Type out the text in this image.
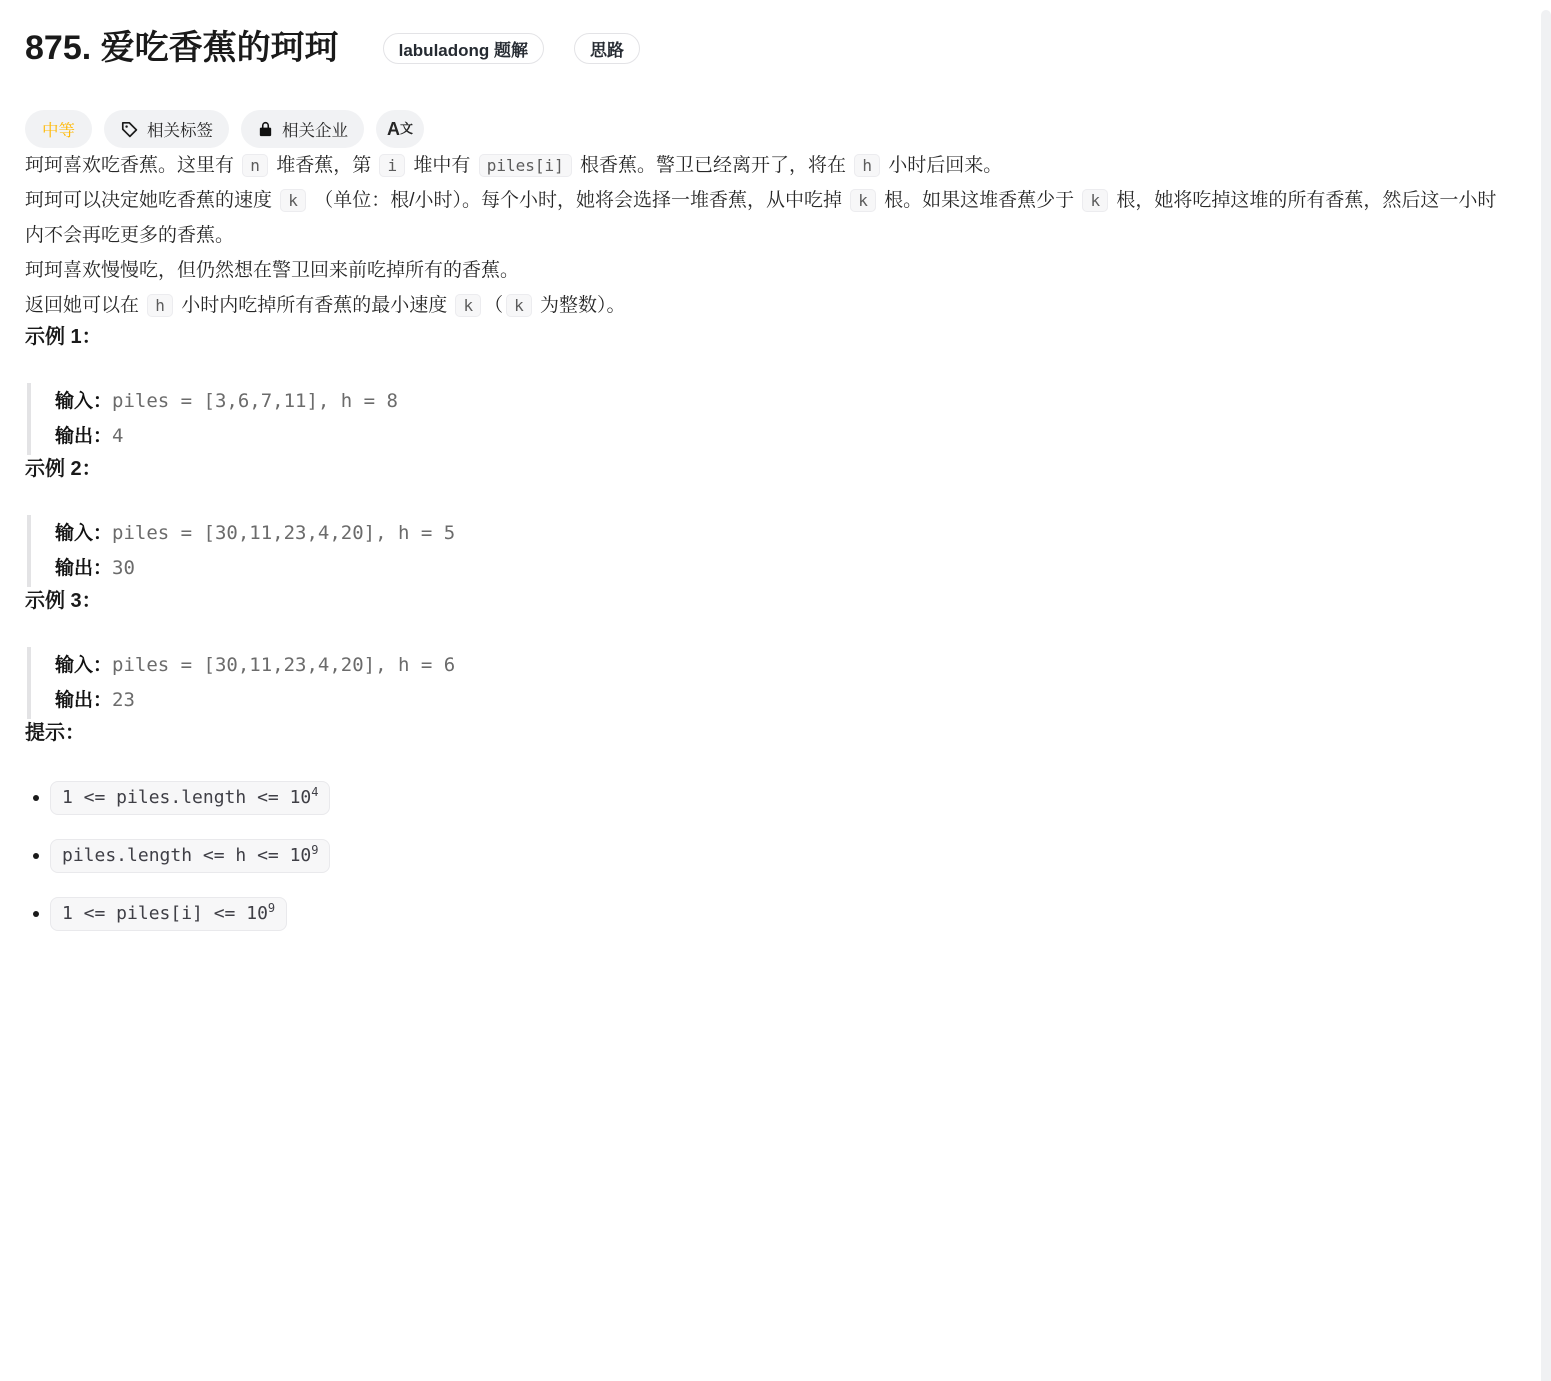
875. 爱吃香蕉的珂珂	labuladong 题解	思路
中等	相关标签	相关企业 A文

珂珂喜欢吃香蕉。这里有 n 堆香蕉，第 i 堆中有 piles[i] 根香蕉。警卫已经离开了，将在 h 小时后回来。

珂珂可以决定她吃香蕉的速度 k （单位：根/小时）。每个小时，她将会选择一堆香蕉，从中吃掉 k 根。如果这堆香蕉少于 k 根，她将吃掉这堆的所有香蕉，然后这一小时内不会再吃更多的香蕉。

珂珂喜欢慢慢吃，但仍然想在警卫回来前吃掉所有的香蕉。

返回她可以在 h 小时内吃掉所有香蕉的最小速度 k （ k 为整数）。

示例 1：
输入：piles = [3,6,7,11], h = 8
输出：4
示例 2：
输入：piles = [30,11,23,4,20], h = 5
输出：30
示例 3：
输入：piles = [30,11,23,4,20], h = 6
输出：23
提示：
1 <= piles.length <= $10^4$
piles.length <= $h <= 10^9$
1 <= piles[i] <= $10^9$
